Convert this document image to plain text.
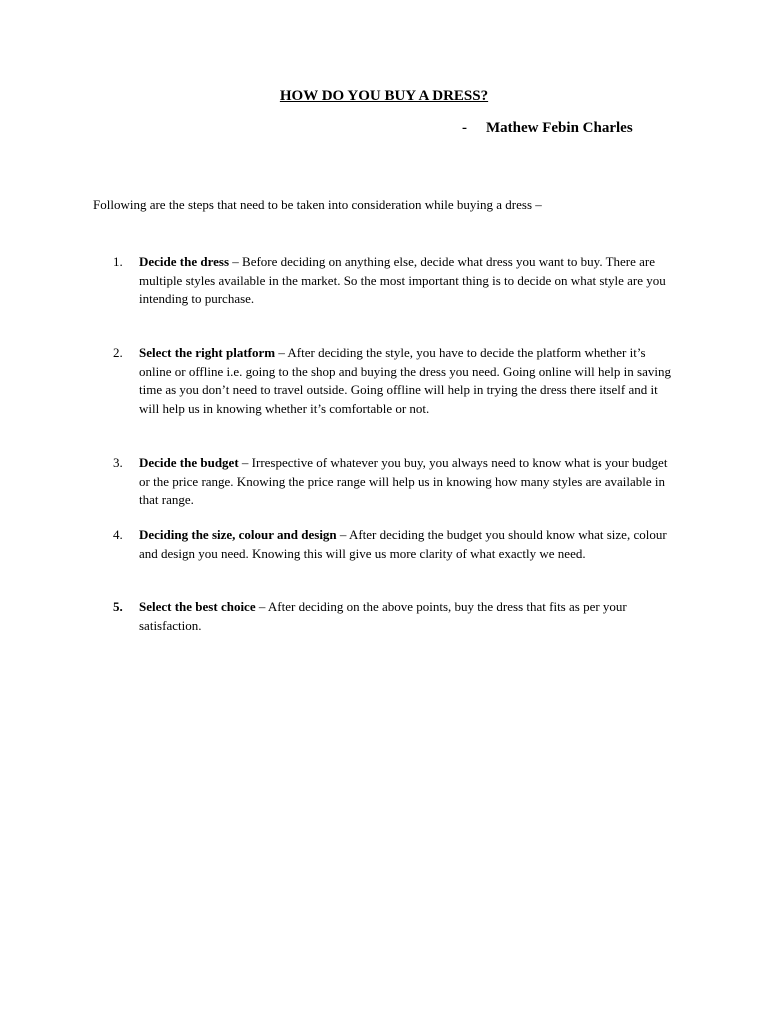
HOW DO YOU BUY A DRESS?
- Mathew Febin Charles
Following are the steps that need to be taken into consideration while buying a dress –
1.	Decide the dress – Before deciding on anything else, decide what dress you want to buy. There are multiple styles available in the market. So the most important thing is to decide on what style are you intending to purchase.
2.	Select the right platform – After deciding the style, you have to decide the platform whether it’s online or offline i.e. going to the shop and buying the dress you need. Going online will help in saving time as you don’t need to travel outside. Going offline will help in trying the dress there itself and it will help us in knowing whether it’s comfortable or not.
3.	Decide the budget – Irrespective of whatever you buy, you always need to know what is your budget or the price range. Knowing the price range will help us in knowing how many styles are available in that range.
4.	Deciding the size, colour and design – After deciding the budget you should know what size, colour and design you need. Knowing this will give us more clarity of what exactly we need.
5.	Select the best choice – After deciding on the above points, buy the dress that fits as per your satisfaction.
